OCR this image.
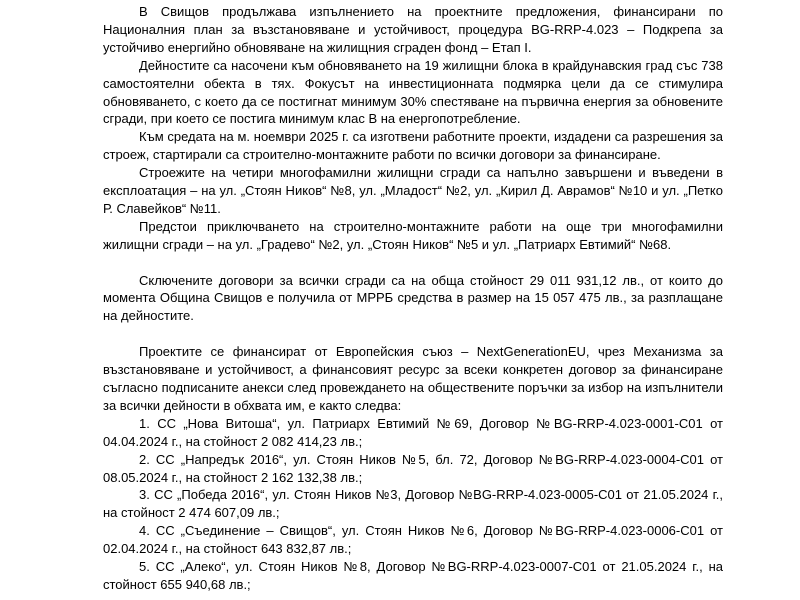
В Свищов продължава изпълнението на проектните предложения, финансирани по Националния план за възстановяване и устойчивост, процедура BG-RRP-4.023 – Подкрепа за устойчиво енергийно обновяване на жилищния сграден фонд – Етап I.

Дейностите са насочени към обновяването на 19 жилищни блока в крайдунавския град със 738 самостоятелни обекта в тях. Фокусът на инвестиционната подмярка цели да се стимулира обновяването, с което да се постигнат минимум 30% спестяване на първична енергия за обновените сгради, при което се постига минимум клас В на енергопотребление.

Към средата на м. ноември 2025 г. са изготвени работните проекти, издадени са разрешения за строеж, стартирали са строително-монтажните работи по всички договори за финансиране.

Строежите на четири многофамилни жилищни сгради са напълно завършени и въведени в експлоатация – на ул. „Стоян Ников“ №8, ул. „Младост“ №2, ул. „Кирил Д. Аврамов“ №10 и ул. „Петко Р. Славейков“ №11.

Предстои приключването на строително-монтажните работи на още три многофамилни жилищни сгради – на ул. „Градево“ №2, ул. „Стоян Ников“ №5 и ул. „Патриарх Евтимий“ №68.

Сключените договори за всички сгради са на обща стойност 29 011 931,12 лв., от които до момента Община Свищов е получила от МРРБ средства в размер на 15 057 475 лв., за разплащане на дейностите.

Проектите се финансират от Европейския съюз – NextGenerationEU, чрез Механизма за възстановяване и устойчивост, а финансовият ресурс за всеки конкретен договор за финансиране съгласно подписаните анекси след провеждането на обществените поръчки за избор на изпълнители за всички дейности в обхвата им, е както следва:

1. СС „Нова Витоша“, ул. Патриарх Евтимий №69, Договор №BG-RRP-4.023-0001-C01 от 04.04.2024 г., на стойност 2 082 414,23 лв.;

2. СС „Напредък 2016“, ул. Стоян Ников №5, бл. 72, Договор №BG-RRP-4.023-0004-C01 от 08.05.2024 г., на стойност 2 162 132,38 лв.;

3. СС „Победа 2016“, ул. Стоян Ников №3, Договор №BG-RRP-4.023-0005-C01 от 21.05.2024 г., на стойност 2 474 607,09 лв.;

4. СС „Съединение – Свищов“, ул. Стоян Ников №6, Договор №BG-RRP-4.023-0006-C01 от 02.04.2024 г., на стойност 643 832,87 лв.;

5. СС „Алеко“, ул. Стоян Ников №8, Договор №BG-RRP-4.023-0007-C01 от 21.05.2024 г., на стойност 655 940,68 лв.;
